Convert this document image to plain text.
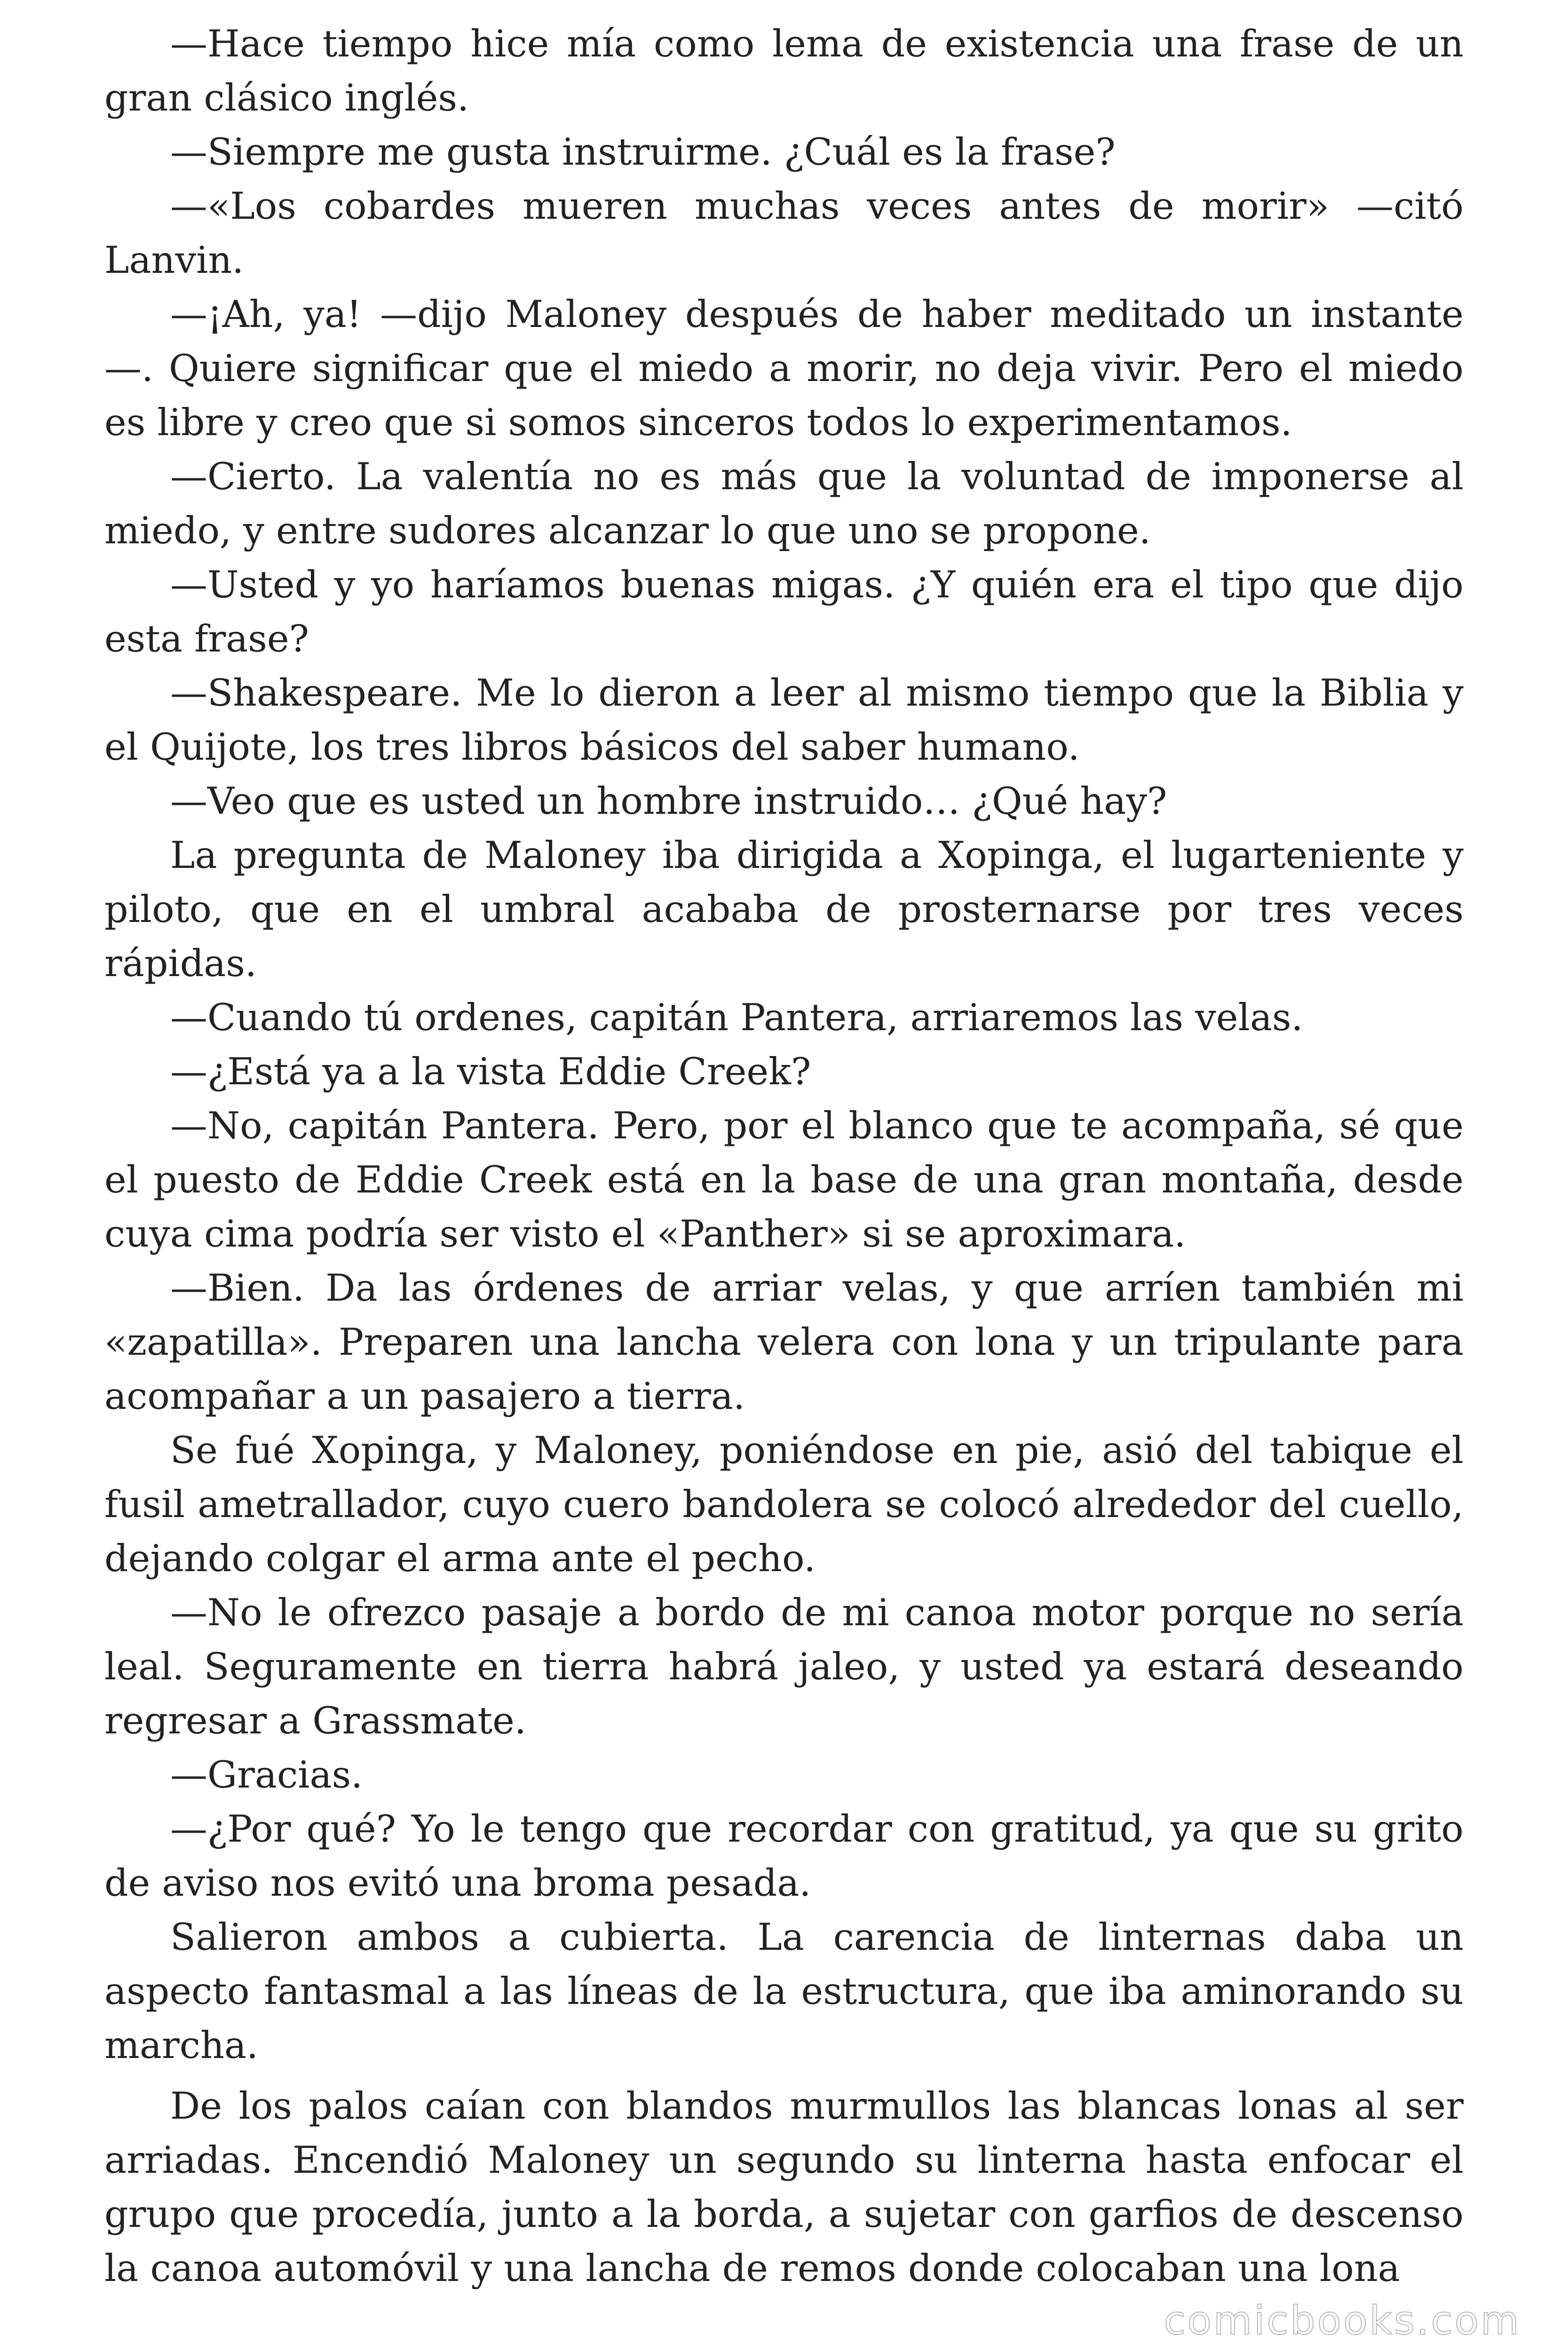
—Hace tiempo hice mía como lema de existencia una frase de un gran clásico inglés.

—Siempre me gusta instruirme. ¿Cuál es la frase?

—«Los cobardes mueren muchas veces antes de morir» —citó Lanvin.

—¡Ah, ya! —dijo Maloney después de haber meditado un instante —. Quiere significar que el miedo a morir, no deja vivir. Pero el miedo es libre y creo que si somos sinceros todos lo experimentamos.

—Cierto. La valentía no es más que la voluntad de imponerse al miedo, y entre sudores alcanzar lo que uno se propone.

—Usted y yo haríamos buenas migas. ¿Y quién era el tipo que dijo esta frase?

—Shakespeare. Me lo dieron a leer al mismo tiempo que la Biblia y el Quijote, los tres libros básicos del saber humano.

—Veo que es usted un hombre instruido… ¿Qué hay?

La pregunta de Maloney iba dirigida a Xopinga, el lugarteniente y piloto, que en el umbral acababa de prosternarse por tres veces rápidas.

—Cuando tú ordenes, capitán Pantera, arriaremos las velas.

—¿Está ya a la vista Eddie Creek?

—No, capitán Pantera. Pero, por el blanco que te acompaña, sé que el puesto de Eddie Creek está en la base de una gran montaña, desde cuya cima podría ser visto el «Panther» si se aproximara.

—Bien. Da las órdenes de arriar velas, y que arríen también mi «zapatilla». Preparen una lancha velera con lona y un tripulante para acompañar a un pasajero a tierra.

Se fué Xopinga, y Maloney, poniéndose en pie, asió del tabique el fusil ametrallador, cuyo cuero bandolera se colocó alrededor del cuello, dejando colgar el arma ante el pecho.

—No le ofrezco pasaje a bordo de mi canoa motor porque no sería leal. Seguramente en tierra habrá jaleo, y usted ya estará deseando regresar a Grassmate.

—Gracias.

—¿Por qué? Yo le tengo que recordar con gratitud, ya que su grito de aviso nos evitó una broma pesada.

Salieron ambos a cubierta. La carencia de linternas daba un aspecto fantasmal a las líneas de la estructura, que iba aminorando su marcha.

De los palos caían con blandos murmullos las blancas lonas al ser arriadas. Encendió Maloney un segundo su linterna hasta enfocar el grupo que procedía, junto a la borda, a sujetar con garfios de descenso la canoa automóvil y una lancha de remos donde colocaban una lona

comicbooks.com
